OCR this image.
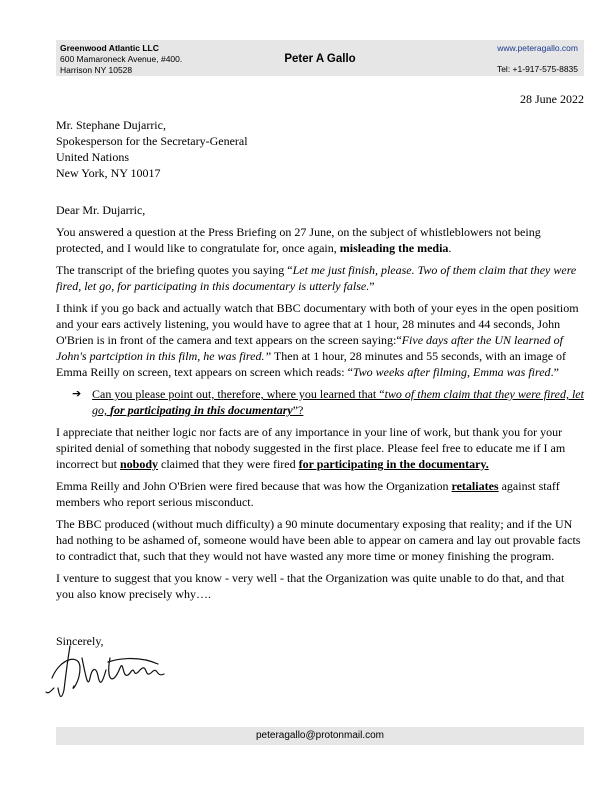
Greenwood Atlantic LLC
600 Mamaroneck Avenue, #400.
Harrison NY 10528
Peter A Gallo
www.peteragallo.com
Tel: +1-917-575-8835
28 June 2022
Mr. Stephane Dujarric,
Spokesperson for the Secretary-General
United Nations
New York, NY 10017

Dear Mr. Dujarric,

You answered a question at the Press Briefing on 27 June, on the subject of whistleblowers not being protected, and I would like to congratulate for, once again, misleading the media.

The transcript of the briefing quotes you saying “Let me just finish, please. Two of them claim that they were fired, let go, for participating in this documentary is utterly false.”

I think if you go back and actually watch that BBC documentary with both of your eyes in the open positiom and your ears actively listening, you would have to agree that at 1 hour, 28 minutes and 44 seconds, John O'Brien is in front of the camera and text appears on the screen saying:“Five days after the UN learned of John's partciption in this film, he was fired.” Then at 1 hour, 28 minutes and 55 seconds, with an image of Emma Reilly on screen, text appears on screen which reads: “Two weeks after filming, Emma was fired.”

➔ Can you please point out, therefore, where you learned that “two of them claim that they were fired, let go, for participating in this documentary”?

I appreciate that neither logic nor facts are of any importance in your line of work, but thank you for your spirited denial of something that nobody suggested in the first place. Please feel free to educate me if I am incorrect but nobody claimed that they were fired for participating in the documentary.

Emma Reilly and John O'Brien were fired because that was how the Organization retaliates against staff members who report serious misconduct.

The BBC produced (without much difficulty) a 90 minute documentary exposing that reality; and if the UN had nothing to be ashamed of, someone would have been able to appear on camera and lay out provable facts to contradict that, such that they would not have wasted any more time or money finishing the program.

I venture to suggest that you know - very well - that the Organization was quite unable to do that, and that you also know precisely why….

Sincerely,
peteragallo@protonmail.com
